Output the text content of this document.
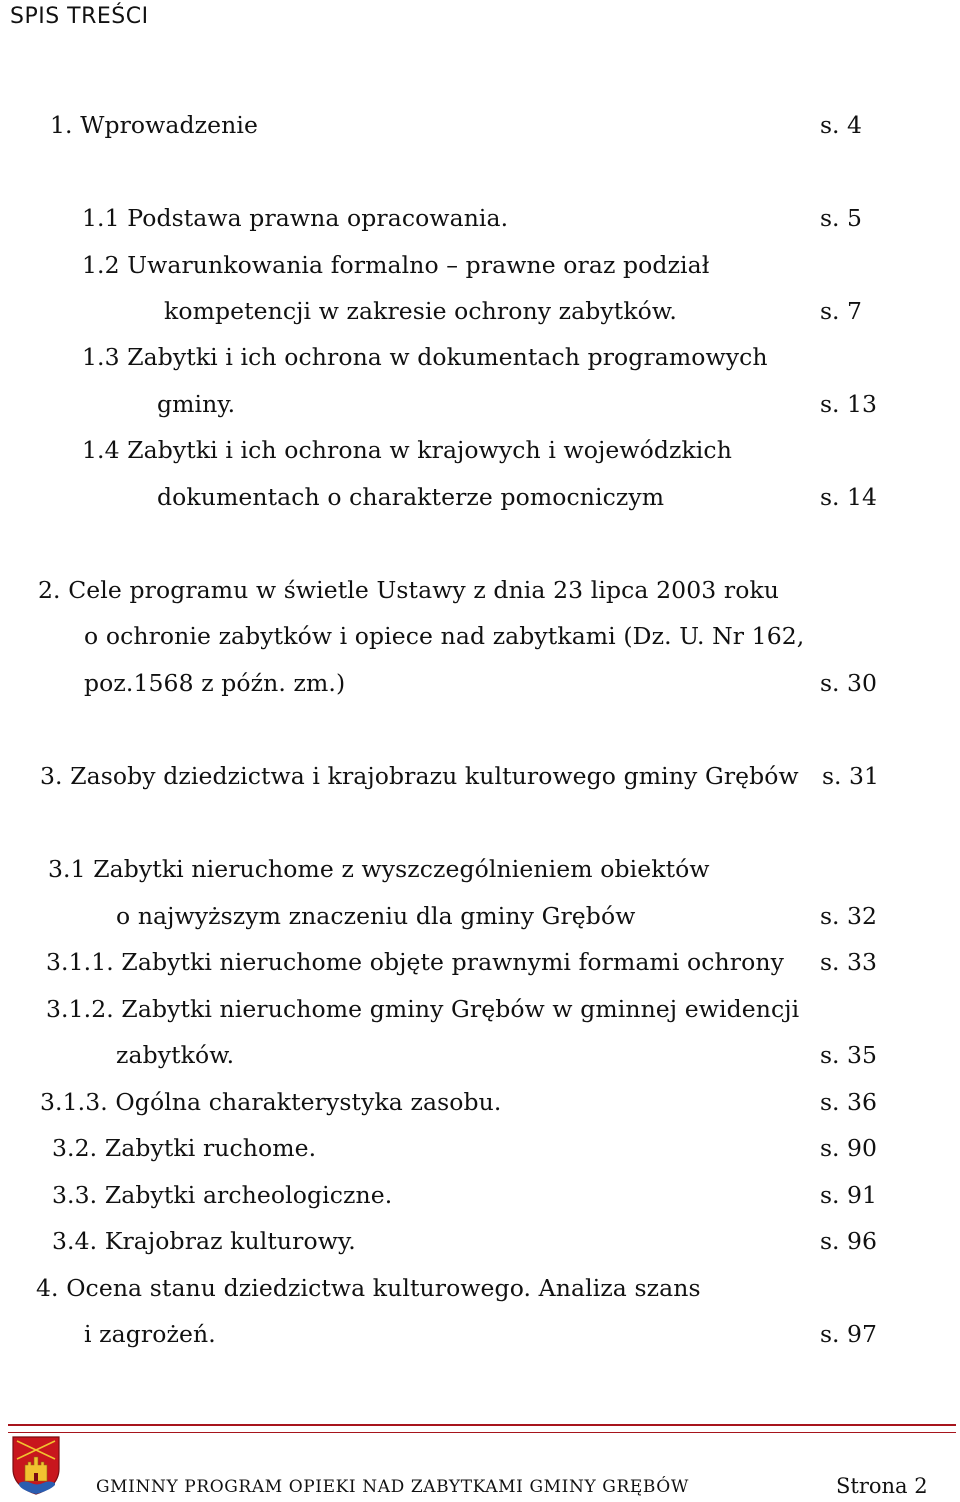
SPIS TREŚCI
1. Wprowadzenie	s. 4
1.1 Podstawa prawna opracowania.	s. 5
1.2 Uwarunkowania formalno – prawne oraz podział
kompetencji w zakresie ochrony zabytków.	s. 7
1.3 Zabytki i ich ochrona w dokumentach programowych
gminy.	s. 13
1.4 Zabytki i ich ochrona w krajowych i wojewódzkich
dokumentach o charakterze pomocniczym	s. 14
2. Cele programu w świetle Ustawy z dnia 23 lipca 2003 roku
o ochronie zabytków i opiece nad zabytkami (Dz. U. Nr 162,
poz.1568 z późn. zm.)	s. 30
3. Zasoby dziedzictwa i krajobrazu kulturowego gminy Grębów s. 31
3.1 Zabytki nieruchome z wyszczególnieniem obiektów
o najwyższym znaczeniu dla gminy Grębów	s. 32
3.1.1. Zabytki nieruchome objęte prawnymi formami ochrony s. 33
3.1.2. Zabytki nieruchome gminy Grębów w gminnej ewidencji
zabytków.	s. 35
3.1.3. Ogólna charakterystyka zasobu.	s. 36
3.2. Zabytki ruchome.	s. 90
3.3. Zabytki archeologiczne.	s. 91
3.4. Krajobraz kulturowy.	s. 96
4. Ocena stanu dziedzictwa kulturowego. Analiza szans
i zagrożeń.	s. 97
GMINNY PROGRAM OPIEKI NAD ZABYTKAMI GMINY GRĘBÓW	Strona 2
